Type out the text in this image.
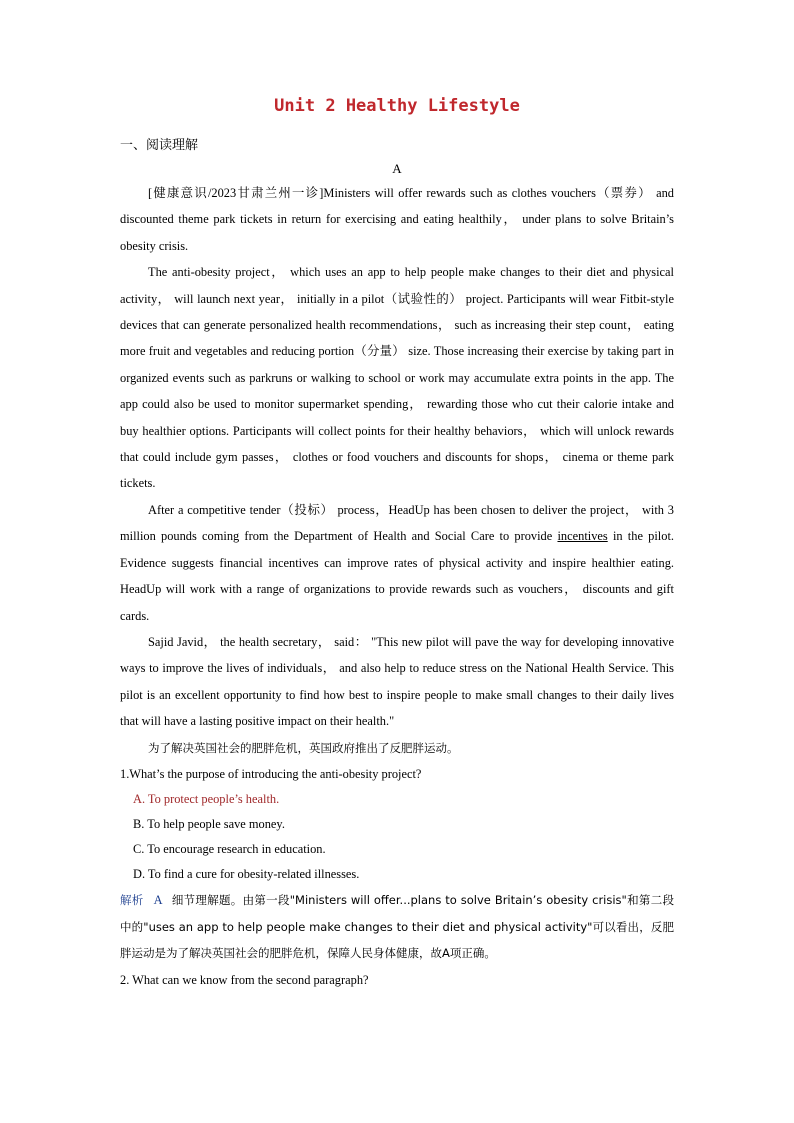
Unit 2 Healthy Lifestyle
一、阅读理解
A

[健康意识/2023甘肃兰州一诊]Ministers will offer rewards such as clothes vouchers（票券） and discounted theme park tickets in return for exercising and eating healthily， under plans to solve Britain’s obesity crisis.

The anti-obesity project， which uses an app to help people make changes to their diet and physical activity， will launch next year， initially in a pilot（试验性的） project. Participants will wear Fitbit-style devices that can generate personalized health recommendations， such as increasing their step count， eating more fruit and vegetables and reducing portion（分量） size. Those increasing their exercise by taking part in organized events such as parkruns or walking to school or work may accumulate extra points in the app. The app could also be used to monitor supermarket spending， rewarding those who cut their calorie intake and buy healthier options. Participants will collect points for their healthy behaviors， which will unlock rewards that could include gym passes， clothes or food vouchers and discounts for shops， cinema or theme park tickets.

After a competitive tender（投标） process，HeadUp has been chosen to deliver the project， with 3 million pounds coming from the Department of Health and Social Care to provide incentives in the pilot. Evidence suggests financial incentives can improve rates of physical activity and inspire healthier eating. HeadUp will work with a range of organizations to provide rewards such as vouchers， discounts and gift cards.

Sajid Javid， the health secretary， said： "This new pilot will pave the way for developing innovative ways to improve the lives of individuals， and also help to reduce stress on the National Health Service. This pilot is an excellent opportunity to find how best to inspire people to make small changes to their daily lives that will have a lasting positive impact on their health."

为了解决英国社会的肥胖危机，英国政府推出了反肥胖运动。

1.What’s the purpose of introducing the anti-obesity project?

A. To protect people’s health.

B. To help people save money.

C. To encourage research in education.

D. To find a cure for obesity-related illnesses.

解析 A 细节理解题。由第一段"Ministers will offer...plans to solve Britain’s obesity crisis"和第二段中的"uses an app to help people make changes to their diet and physical activity"可以看出，反肥胖运动是为了解决英国社会的肥胖危机，保障人民身体健康，故A项正确。

2. What can we know from the second paragraph?
